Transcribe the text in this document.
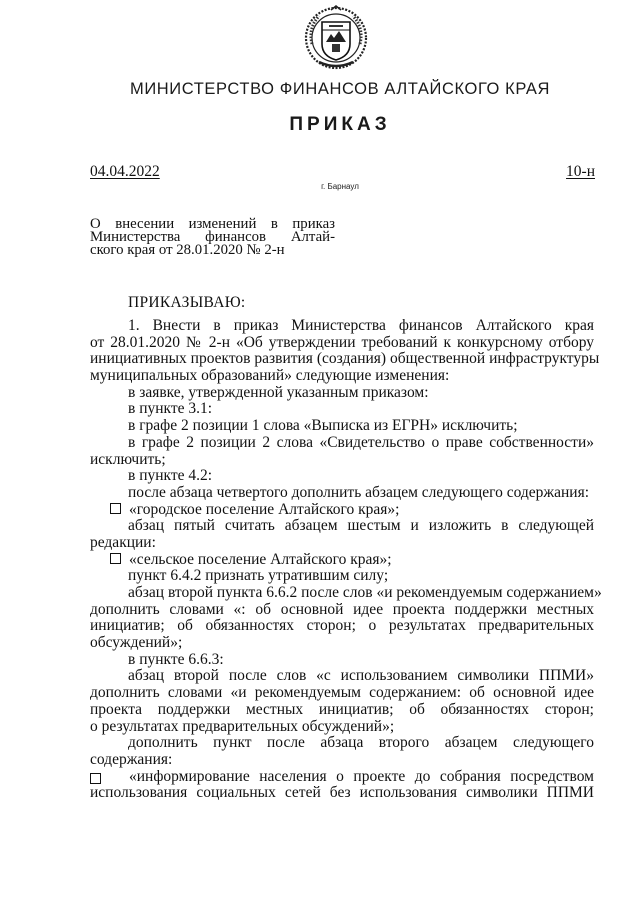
МИНИСТЕРСТВО ФИНАНСОВ АЛТАЙСКОГО КРАЯ
ПРИКАЗ
04.04.2022	10-н
г. Барнаул
О внесении изменений в приказ
Министерства финансов Алтай-
ского края от 28.01.2020 № 2-н
ПРИКАЗЫВАЮ:
1. Внести в приказ Министерства финансов Алтайского края
от 28.01.2020 № 2-н «Об утверждении требований к конкурсному отбору
инициативных проектов развития (создания) общественной инфраструктуры
муниципальных образований» следующие изменения:
в заявке, утвержденной указанным приказом:
в пункте 3.1:
в графе 2 позиции 1 слова «Выписка из ЕГРН» исключить;
в графе 2 позиции 2 слова «Свидетельство о праве собственности»
исключить;
в пункте 4.2:
после абзаца четвертого дополнить абзацем следующего содержания:
«городское поселение Алтайского края»;
абзац пятый считать абзацем шестым и изложить в следующей
редакции:
«сельское поселение Алтайского края»;
пункт 6.4.2 признать утратившим силу;
абзац второй пункта 6.6.2 после слов «и рекомендуемым содержанием»
дополнить словами «: об основной идее проекта поддержки местных
инициатив; об обязанностях сторон; о результатах предварительных
обсуждений»;
в пункте 6.6.3:
абзац второй после слов «с использованием символики ППМИ»
дополнить словами «и рекомендуемым содержанием: об основной идее
проекта поддержки местных инициатив; об обязанностях сторон;
о результатах предварительных обсуждений»;
дополнить пункт после абзаца второго абзацем следующего
содержания:
«информирование населения о проекте до собрания посредством
использования социальных сетей без использования символики ППМИ
